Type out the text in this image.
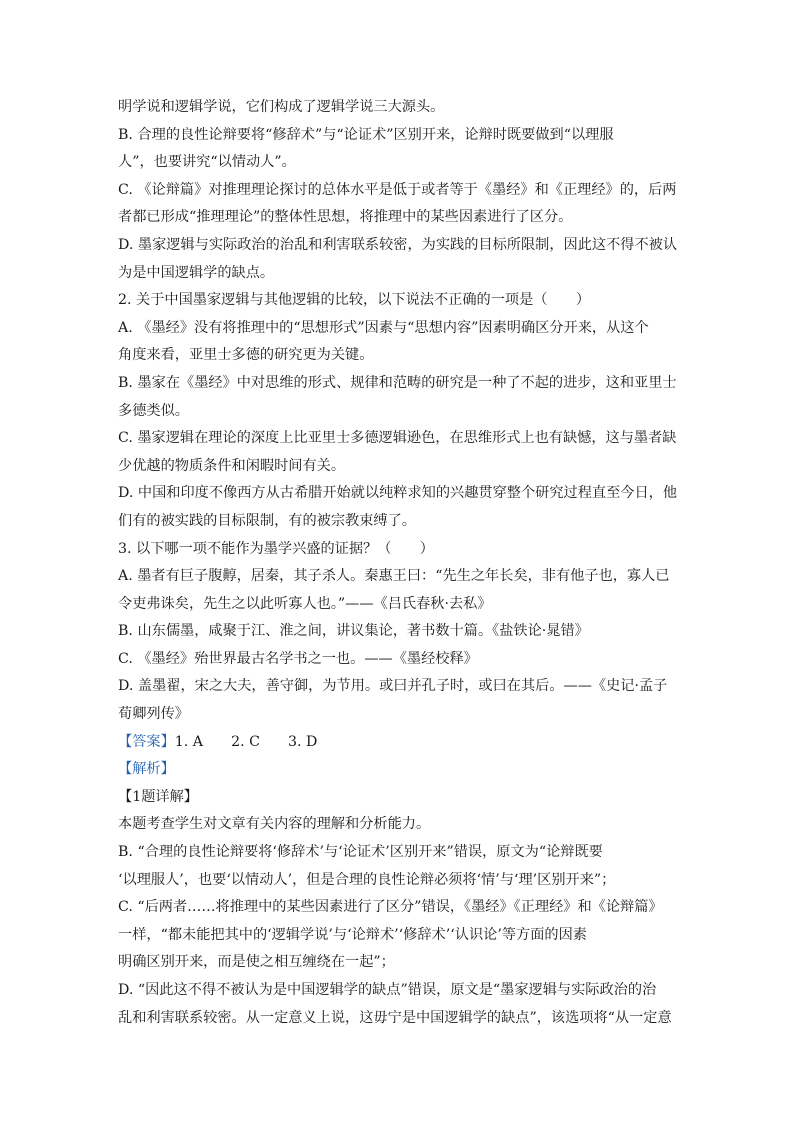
明学说和逻辑学说，它们构成了逻辑学说三大源头。
B. 合理的良性论辩要将“修辞术”与“论证术”区别开来，论辩时既要做到“以理服
人”，也要讲究“以情动人”。
C. 《论辩篇》对推理理论探讨的总体水平是低于或者等于《墨经》和《正理经》的，后两
者都已形成“推理理论”的整体性思想，将推理中的某些因素进行了区分。
D. 墨家逻辑与实际政治的治乱和利害联系较密，为实践的目标所限制，因此这不得不被认
为是中国逻辑学的缺点。
2. 关于中国墨家逻辑与其他逻辑的比较，以下说法不正确的一项是（　　）
A. 《墨经》没有将推理中的“思想形式”因素与“思想内容”因素明确区分开来，从这个
角度来看，亚里士多德的研究更为关键。
B. 墨家在《墨经》中对思维的形式、规律和范畴的研究是一种了不起的进步，这和亚里士
多德类似。
C. 墨家逻辑在理论的深度上比亚里士多德逻辑逊色，在思维形式上也有缺憾，这与墨者缺
少优越的物质条件和闲暇时间有关。
D. 中国和印度不像西方从古希腊开始就以纯粹求知的兴趣贯穿整个研究过程直至今日，他
们有的被实践的目标限制，有的被宗教束缚了。
3. 以下哪一项不能作为墨学兴盛的证据？（　　）
A. 墨者有巨子腹䵍，居秦，其子杀人。秦惠王曰：“先生之年长矣，非有他子也，寡人已
令吏弗诛矣，先生之以此听寡人也。”——《吕氏春秋·去私》
B. 山东儒墨，咸聚于江、淮之间，讲议集论，著书数十篇。《盐铁论·晁错》
C. 《墨经》殆世界最古名学书之一也。——《墨经校释》
D. 盖墨翟，宋之大夫，善守御，为节用。或曰并孔子时，或曰在其后。——《史记·孟子
荀卿列传》
【答案】1. A 2. C 3. D
【解析】
【1题详解】
本题考查学生对文章有关内容的理解和分析能力。
B. “合理的良性论辩要将‘修辞术’与‘论证术’区别开来”错误，原文为“论辩既要
‘以理服人’，也要‘以情动人’，但是合理的良性论辩必须将‘情’与‘理’区别开来”；
C. “后两者……将推理中的某些因素进行了区分”错误，《墨经》《正理经》和《论辩篇》
一样，“都未能把其中的‘逻辑学说’与‘论辩术’‘修辞术’‘认识论’等方面的因素
明确区别开来，而是使之相互缠绕在一起”；
D. “因此这不得不被认为是中国逻辑学的缺点”错误，原文是“墨家逻辑与实际政治的治
乱和利害联系较密。从一定意义上说，这毋宁是中国逻辑学的缺点”，该选项将“从一定意
